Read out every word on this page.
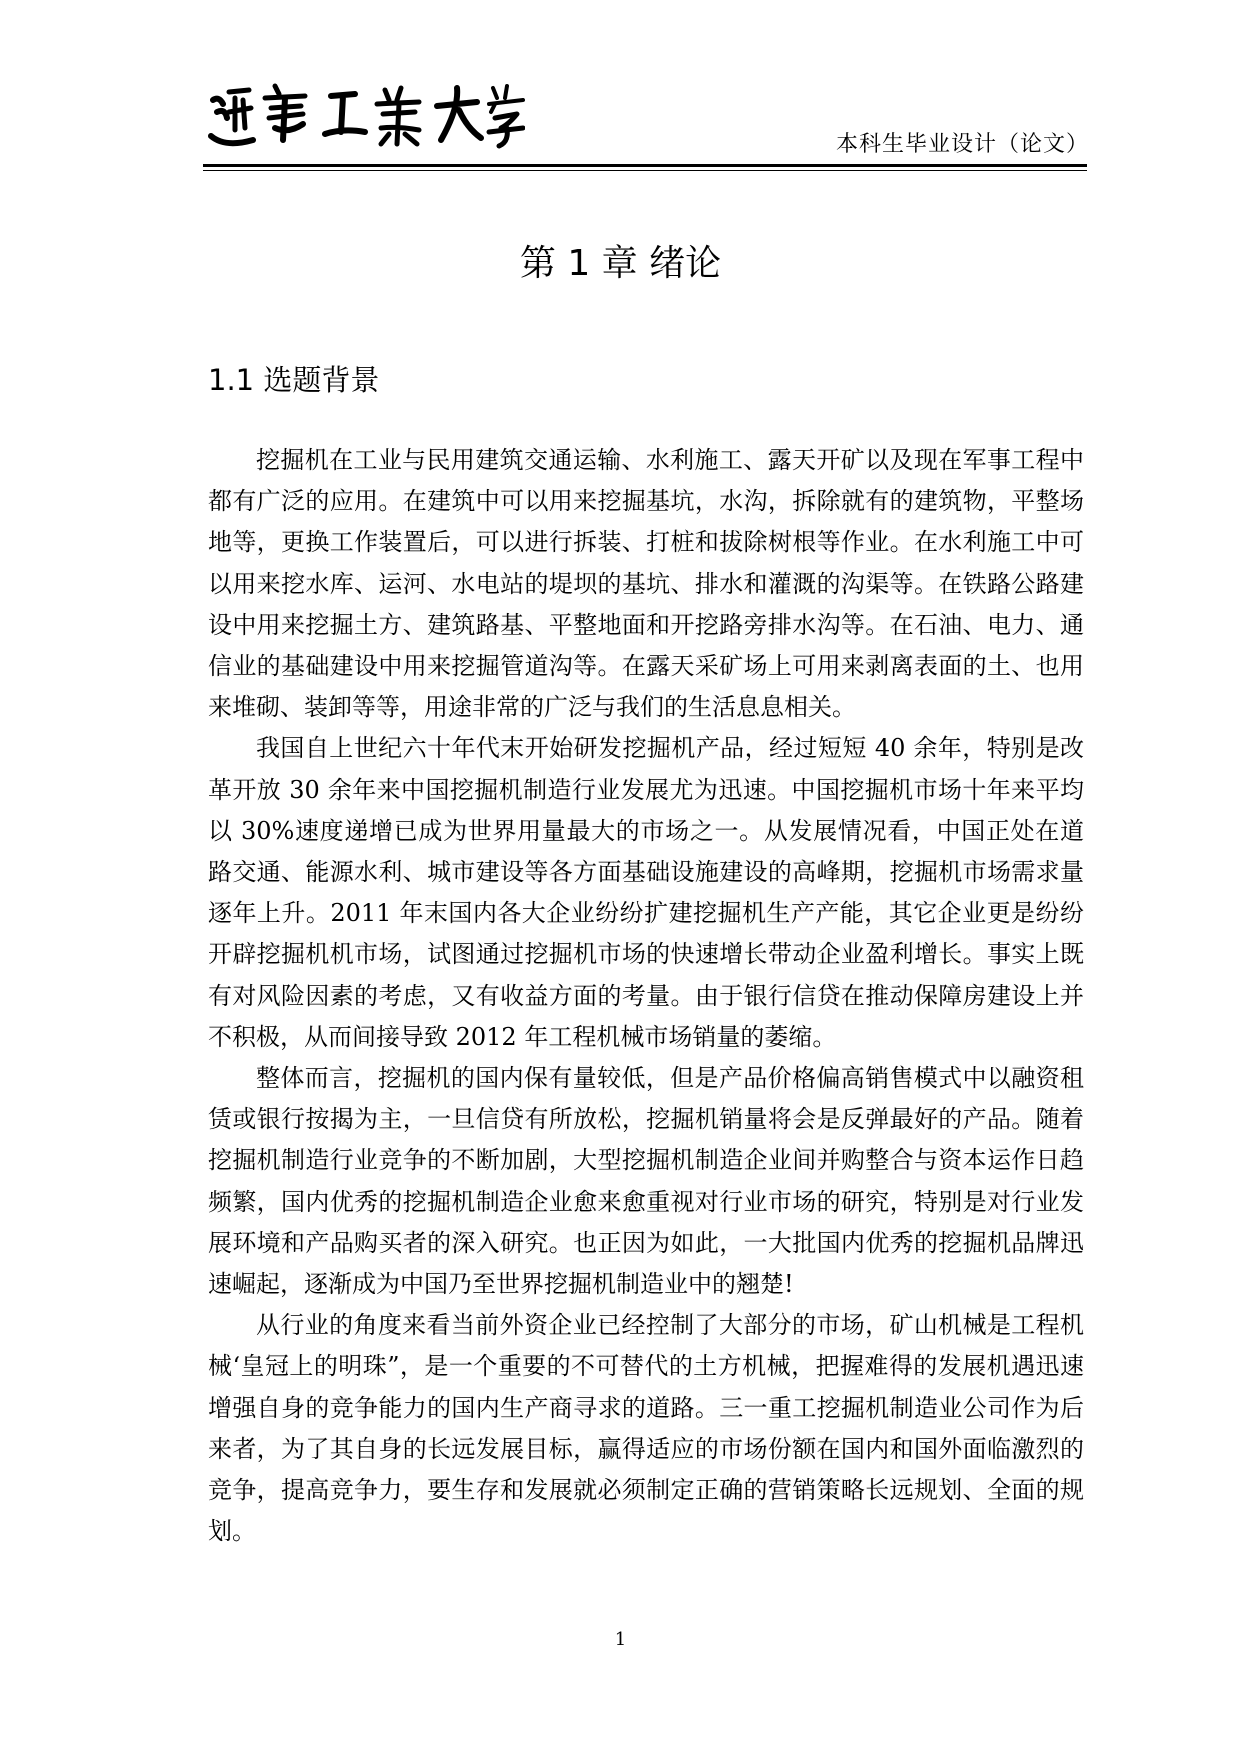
本科生毕业设计（论文）
第 1 章 绪论
1.1 选题背景

挖掘机在工业与民用建筑交通运输、水利施工、露天开矿以及现在军事工程中都有广泛的应用。在建筑中可以用来挖掘基坑，水沟，拆除就有的建筑物，平整场地等，更换工作装置后，可以进行拆装、打桩和拔除树根等作业。在水利施工中可以用来挖水库、运河、水电站的堤坝的基坑、排水和灌溉的沟渠等。在铁路公路建设中用来挖掘土方、建筑路基、平整地面和开挖路旁排水沟等。在石油、电力、通信业的基础建设中用来挖掘管道沟等。在露天采矿场上可用来剥离表面的土、也用来堆砌、装卸等等，用途非常的广泛与我们的生活息息相关。

我国自上世纪六十年代末开始研发挖掘机产品，经过短短 40 余年，特别是改革开放 30 余年来中国挖掘机制造行业发展尤为迅速。中国挖掘机市场十年来平均以 30%速度递增已成为世界用量最大的市场之一。从发展情况看，中国正处在道路交通、能源水利、城市建设等各方面基础设施建设的高峰期，挖掘机市场需求量逐年上升。2011 年末国内各大企业纷纷扩建挖掘机生产产能，其它企业更是纷纷开辟挖掘机机市场，试图通过挖掘机市场的快速增长带动企业盈利增长。事实上既有对风险因素的考虑，又有收益方面的考量。由于银行信贷在推动保障房建设上并不积极，从而间接导致 2012 年工程机械市场销量的萎缩。

整体而言，挖掘机的国内保有量较低，但是产品价格偏高销售模式中以融资租赁或银行按揭为主，一旦信贷有所放松，挖掘机销量将会是反弹最好的产品。随着挖掘机制造行业竞争的不断加剧，大型挖掘机制造企业间并购整合与资本运作日趋频繁，国内优秀的挖掘机制造企业愈来愈重视对行业市场的研究，特别是对行业发展环境和产品购买者的深入研究。也正因为如此，一大批国内优秀的挖掘机品牌迅速崛起，逐渐成为中国乃至世界挖掘机制造业中的翘楚!

从行业的角度来看当前外资企业已经控制了大部分的市场，矿山机械是工程机械‘皇冠上的明珠”，是一个重要的不可替代的土方机械，把握难得的发展机遇迅速增强自身的竞争能力的国内生产商寻求的道路。三一重工挖掘机制造业公司作为后来者，为了其自身的长远发展目标，赢得适应的市场份额在国内和国外面临激烈的竞争，提高竞争力，要生存和发展就必须制定正确的营销策略长远规划、全面的规划。

1
